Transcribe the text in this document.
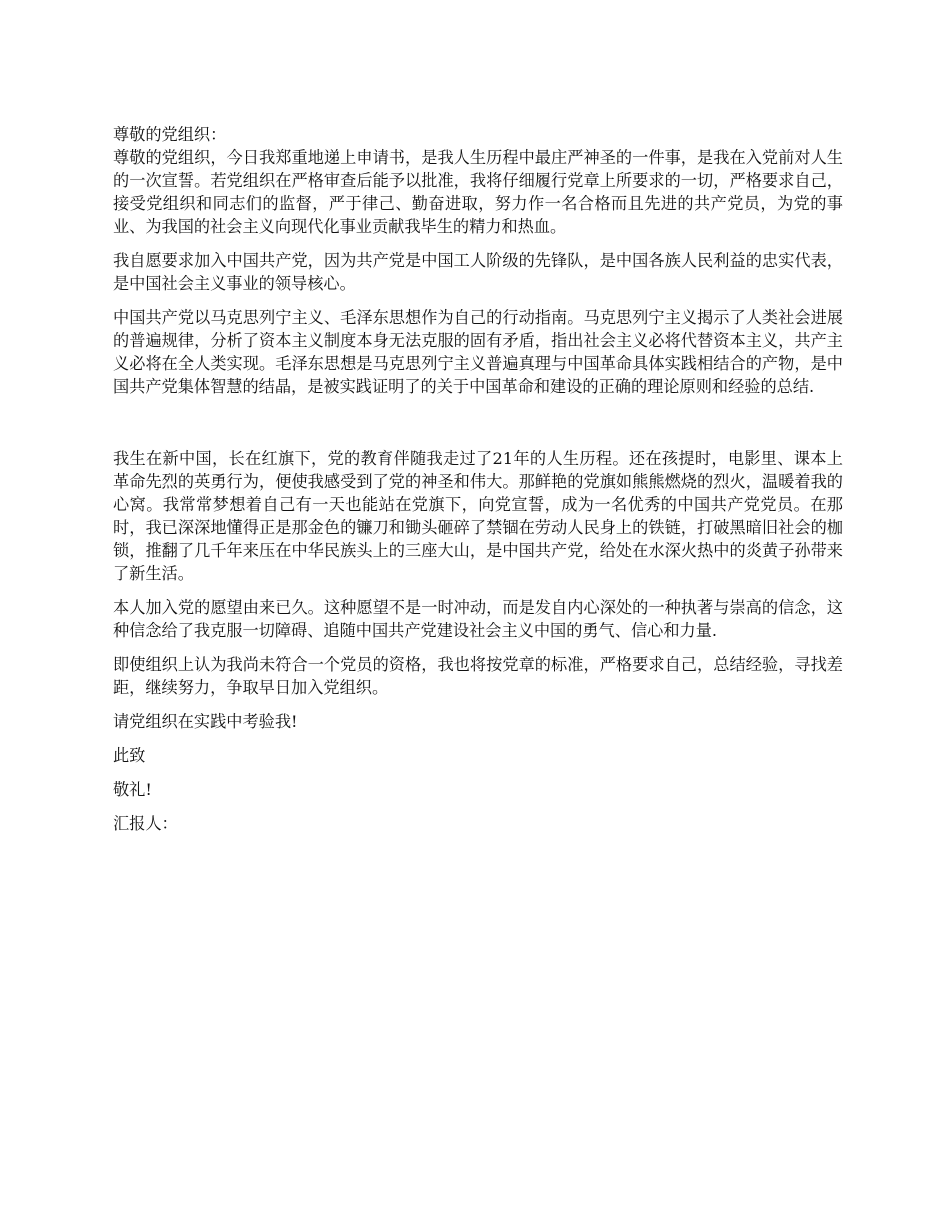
尊敬的党组织：

尊敬的党组织，今日我郑重地递上申请书，是我人生历程中最庄严神圣的一件事，是我在入党前对人生的一次宣誓。若党组织在严格审查后能予以批准，我将仔细履行党章上所要求的一切，严格要求自己，接受党组织和同志们的监督，严于律己、勤奋进取，努力作一名合格而且先进的共产党员，为党的事业、为我国的社会主义向现代化事业贡献我毕生的精力和热血。

我自愿要求加入中国共产党，因为共产党是中国工人阶级的先锋队，是中国各族人民利益的忠实代表，是中国社会主义事业的领导核心。

中国共产党以马克思列宁主义、毛泽东思想作为自己的行动指南。马克思列宁主义揭示了人类社会进展的普遍规律，分析了资本主义制度本身无法克服的固有矛盾，指出社会主义必将代替资本主义，共产主义必将在全人类实现。毛泽东思想是马克思列宁主义普遍真理与中国革命具体实践相结合的产物，是中国共产党集体智慧的结晶，是被实践证明了的关于中国革命和建设的正确的理论原则和经验的总结.

我生在新中国，长在红旗下，党的教育伴随我走过了21年的人生历程。还在孩提时，电影里、课本上革命先烈的英勇行为，便使我感受到了党的神圣和伟大。那鲜艳的党旗如熊熊燃烧的烈火，温暖着我的心窝。我常常梦想着自己有一天也能站在党旗下，向党宣誓，成为一名优秀的中国共产党党员。在那时，我已深深地懂得正是那金色的镰刀和锄头砸碎了禁锢在劳动人民身上的铁链，打破黑暗旧社会的枷锁，推翻了几千年来压在中华民族头上的三座大山，是中国共产党，给处在水深火热中的炎黄子孙带来了新生活。

本人加入党的愿望由来已久。这种愿望不是一时冲动，而是发自内心深处的一种执著与崇高的信念，这种信念给了我克服一切障碍、追随中国共产党建设社会主义中国的勇气、信心和力量.

即使组织上认为我尚未符合一个党员的资格，我也将按党章的标准，严格要求自己，总结经验，寻找差距，继续努力，争取早日加入党组织。

请党组织在实践中考验我!

此致

敬礼!

汇报人：
